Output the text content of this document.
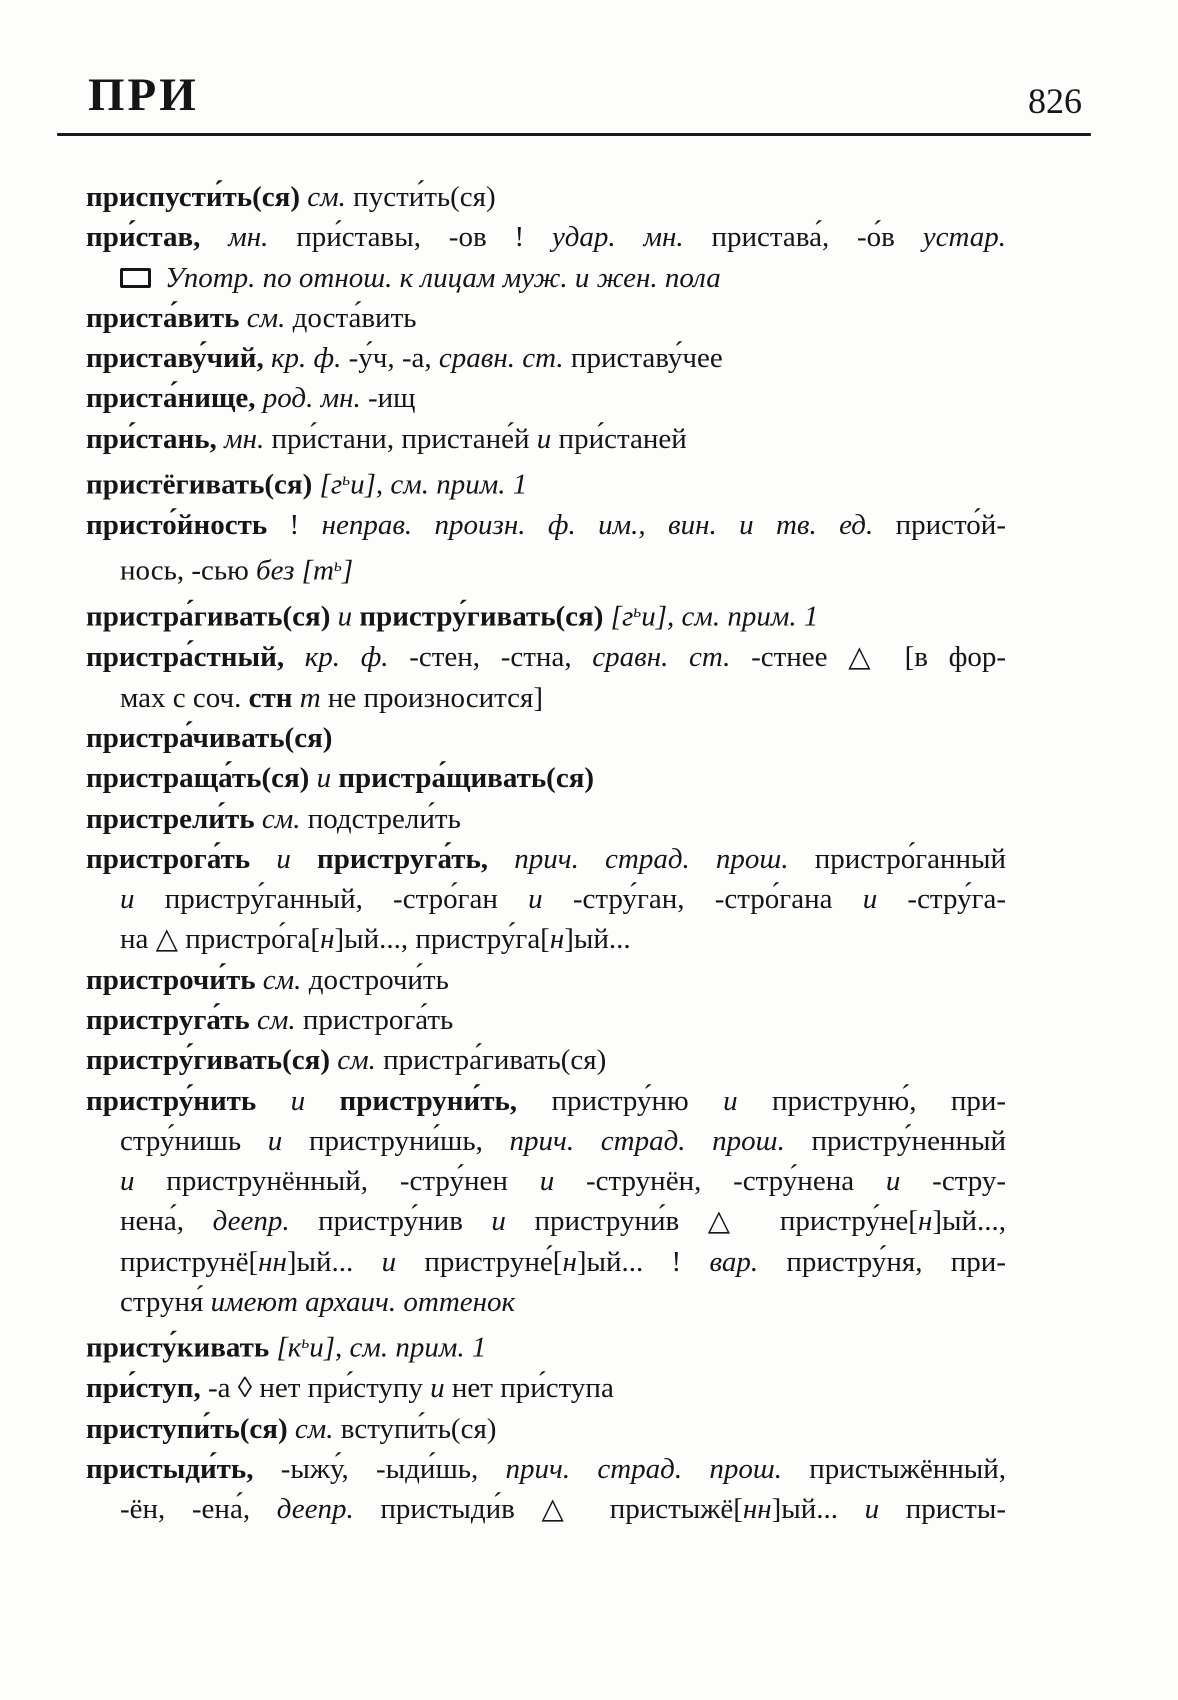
ПРИ	826
приспусти́ть(ся) см. пусти́ть(ся)
при́став, мн. при́ставы, -ов ! удар. мн. пристава́, -о́в устар.
Употр. по отнош. к лицам муж. и жен. пола
приста́вить см. доста́вить
приставу́чий, кр. ф. -у́ч, -а, сравн. ст. приставу́чее
приста́нище, род. мн. -ищ
при́стань, мн. при́стани, пристане́й и при́станей
пристёгивать(ся) $[г^ьи]$, см. прим. 1
присто́йность ! неправ. произн. ф. им., вин. и тв. ед. присто́й-
нось, -сью без $[т^ь]$
пристра́гивать(ся) и пристру́гивать(ся) $[г^ьи]$, см. прим. 1
пристра́стный, кр. ф. -стен, -стна, сравн. ст. -стнее △ [в фор-
мах с соч. стн т не произносится]
пристра́чивать(ся)
пристраща́ть(ся) и пристра́щивать(ся)
пристрели́ть см. подстрели́ть
пристрога́ть и приструга́ть, прич. страд. прош. пристро́ганный
и пристру́ганный, -стро́ган и -стру́ган, -стро́гана и -стру́га-
на △ пристро́га[н]ый..., пристру́га[н]ый...
пристрочи́ть см. дострочи́ть
приструга́ть см. пристрога́ть
пристру́гивать(ся) см. пристра́гивать(ся)
пристру́нить и приструни́ть, пристру́ню и приструню́, при-
стру́нишь и приструни́шь, прич. страд. прош. пристру́ненный
и приструнённый, -стру́нен и -струнён, -стру́нена и -стру-
нена́, деепр. пристру́нив и приструни́в △ пристру́не[н]ый...,
приструнё[нн]ый... и приструне́[н]ый... ! вар. пристру́ня, при-
струня́ имеют архаич. оттенок
присту́кивать $[к^ьи]$, см. прим. 1
при́ступ, -а ◊ нет при́ступу и нет при́ступа
приступи́ть(ся) см. вступи́ть(ся)
пристыди́ть, -ыжу́, -ыди́шь, прич. страд. прош. пристыжённый,
-ён, -ена́, деепр. пристыди́в △ пристыжё[нн]ый... и присты-
